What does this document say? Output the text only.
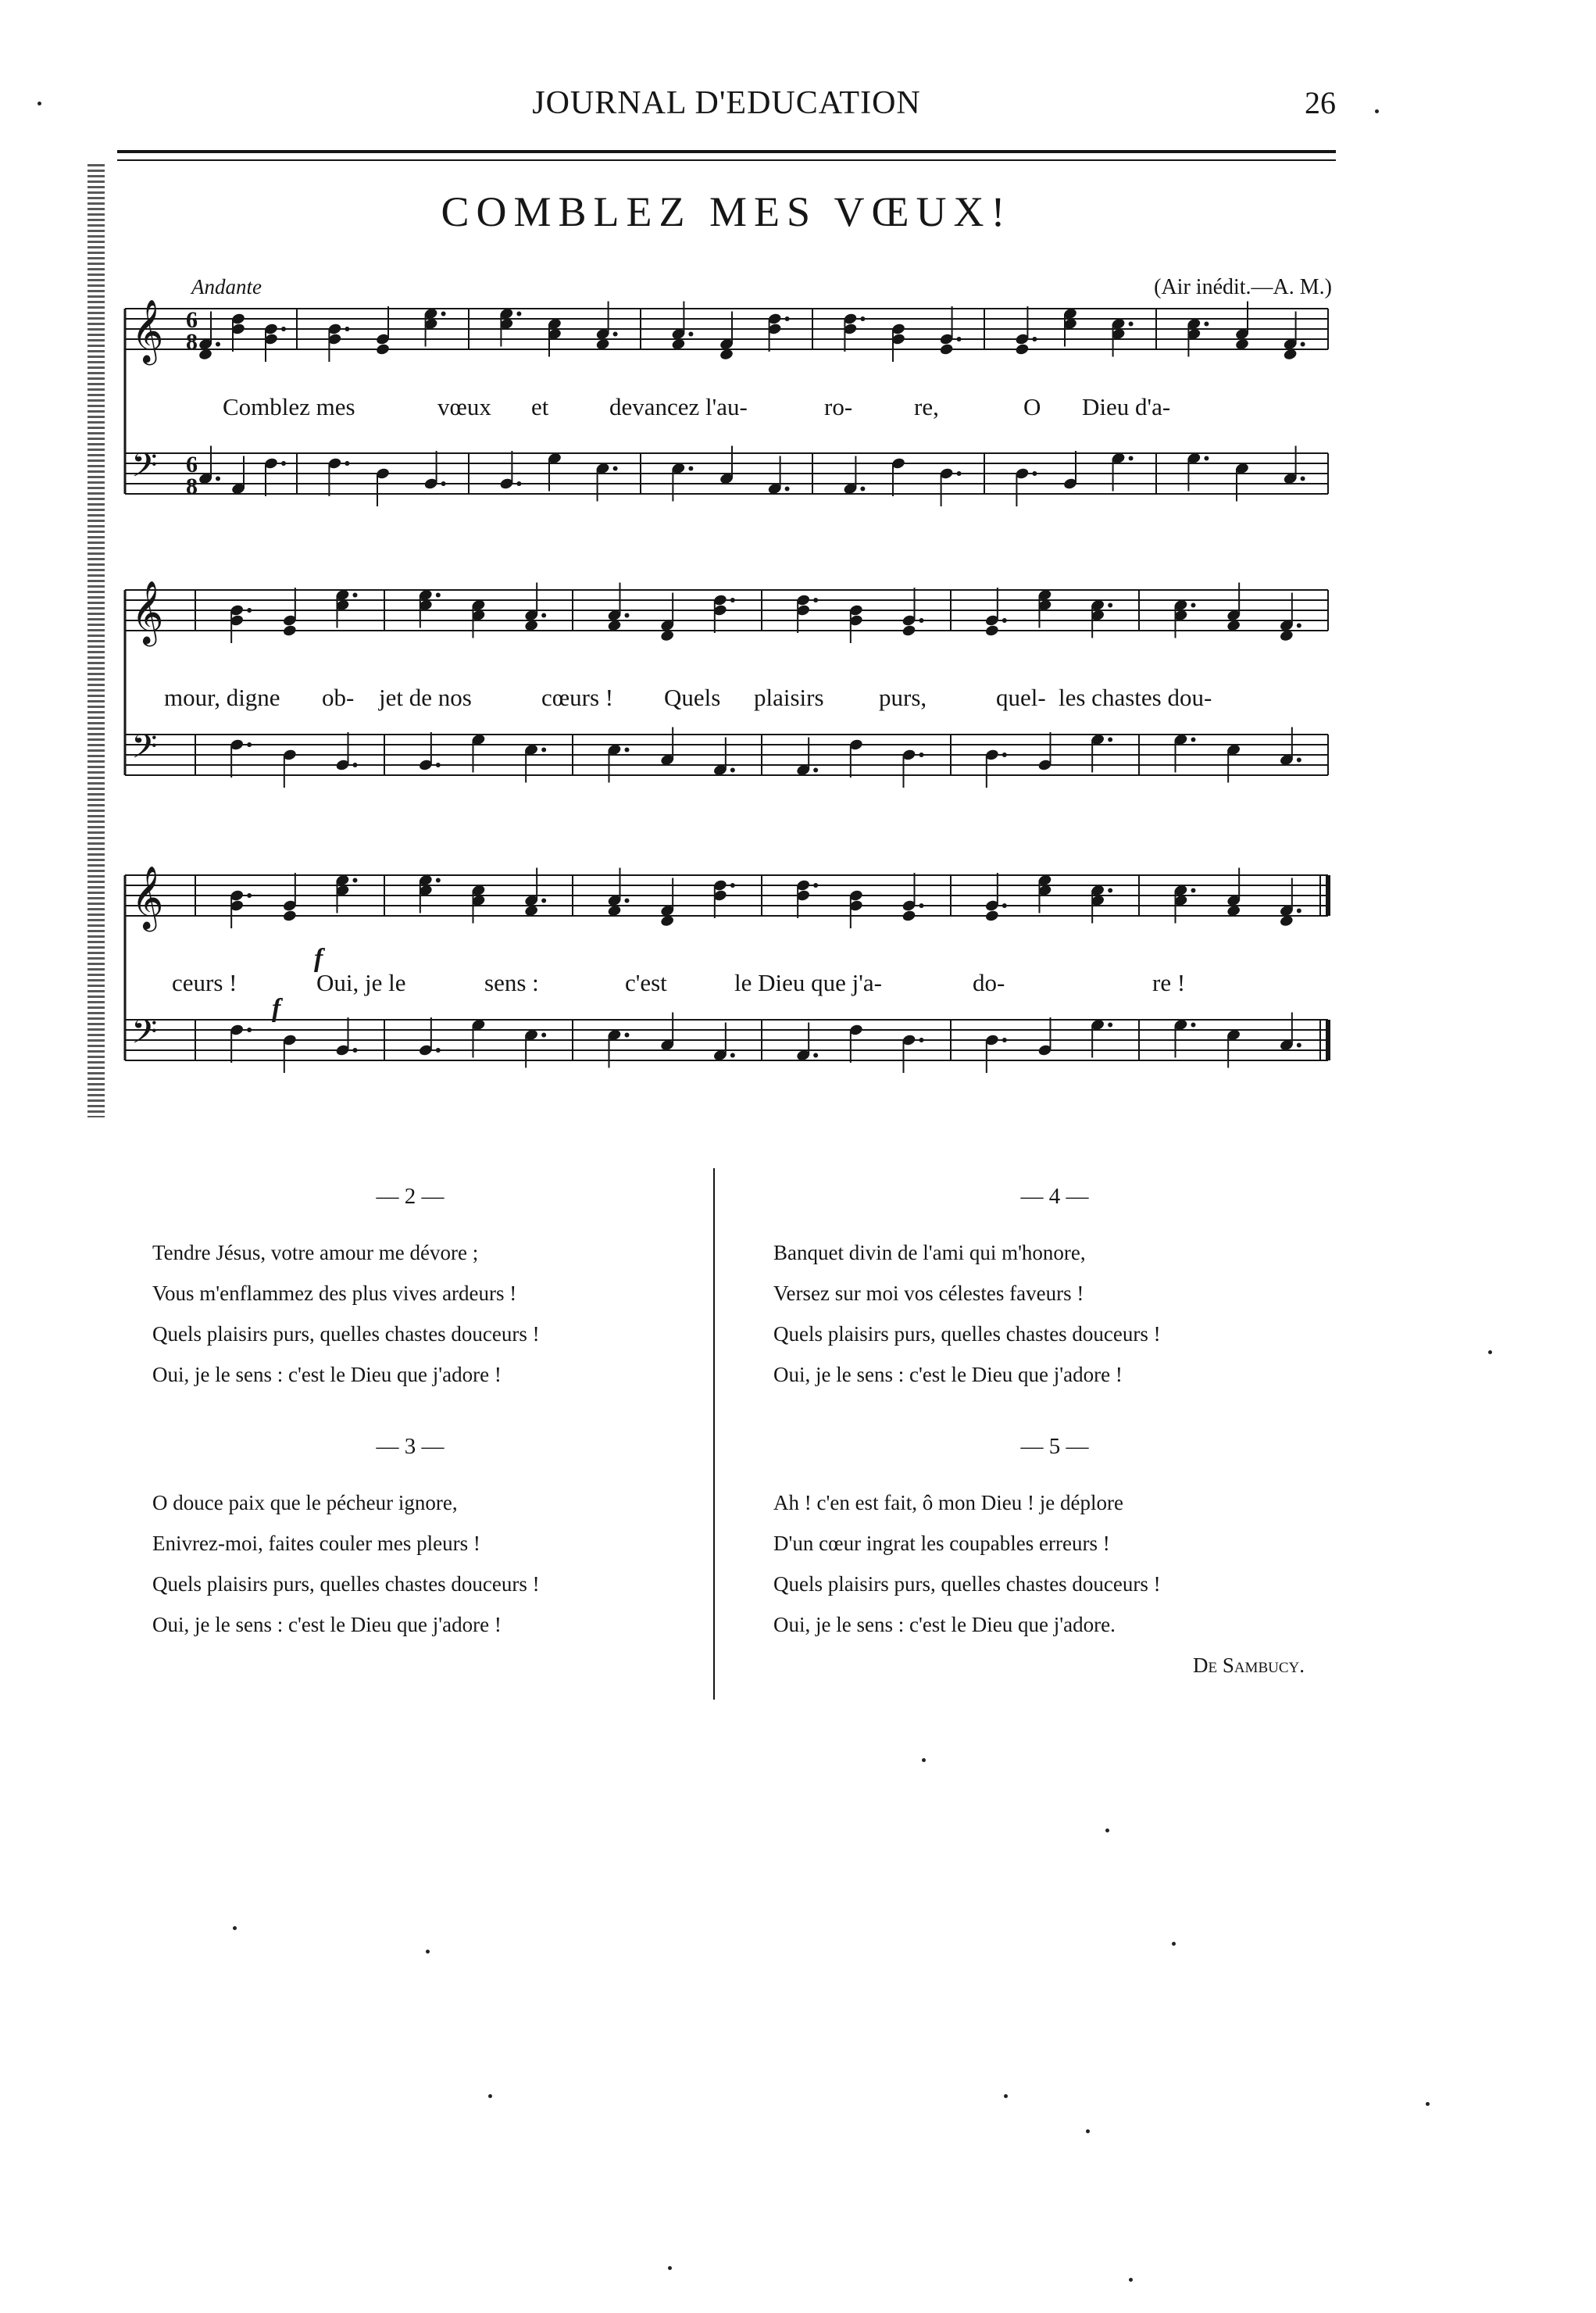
JOURNAL D'EDUCATION	26
COMBLEZ MES VŒUX!
Andante	(Air inédit.—A. M.)
𝄞 6
8
𝄢 6
8
Comblez mes	vœux et	devancez l'au-	ro-	re,	O Dieu d'a-
𝄞
𝄢
mour, digne ob- jet de nos	cœurs ! Quels plaisirs purs,	quel- les chastes dou-
𝄞
𝄢
f
f
ceurs !	Oui, je le	sens :	c'est	le Dieu que j'a-	do-	re !
— 2 —
Tendre Jésus, votre amour me dévore ;
Vous m'enflammez des plus vives ardeurs !
Quels plaisirs purs, quelles chastes douceurs !
Oui, je le sens : c'est le Dieu que j'adore !
— 3 —
O douce paix que le pécheur ignore,
Enivrez-moi, faites couler mes pleurs !
Quels plaisirs purs, quelles chastes douceurs !
Oui, je le sens : c'est le Dieu que j'adore !
— 4 —
Banquet divin de l'ami qui m'honore,
Versez sur moi vos célestes faveurs !
Quels plaisirs purs, quelles chastes douceurs !
Oui, je le sens : c'est le Dieu que j'adore !
— 5 —
Ah ! c'en est fait, ô mon Dieu ! je déplore
D'un cœur ingrat les coupables erreurs !
Quels plaisirs purs, quelles chastes douceurs !
Oui, je le sens : c'est le Dieu que j'adore.
De Sambucy.
